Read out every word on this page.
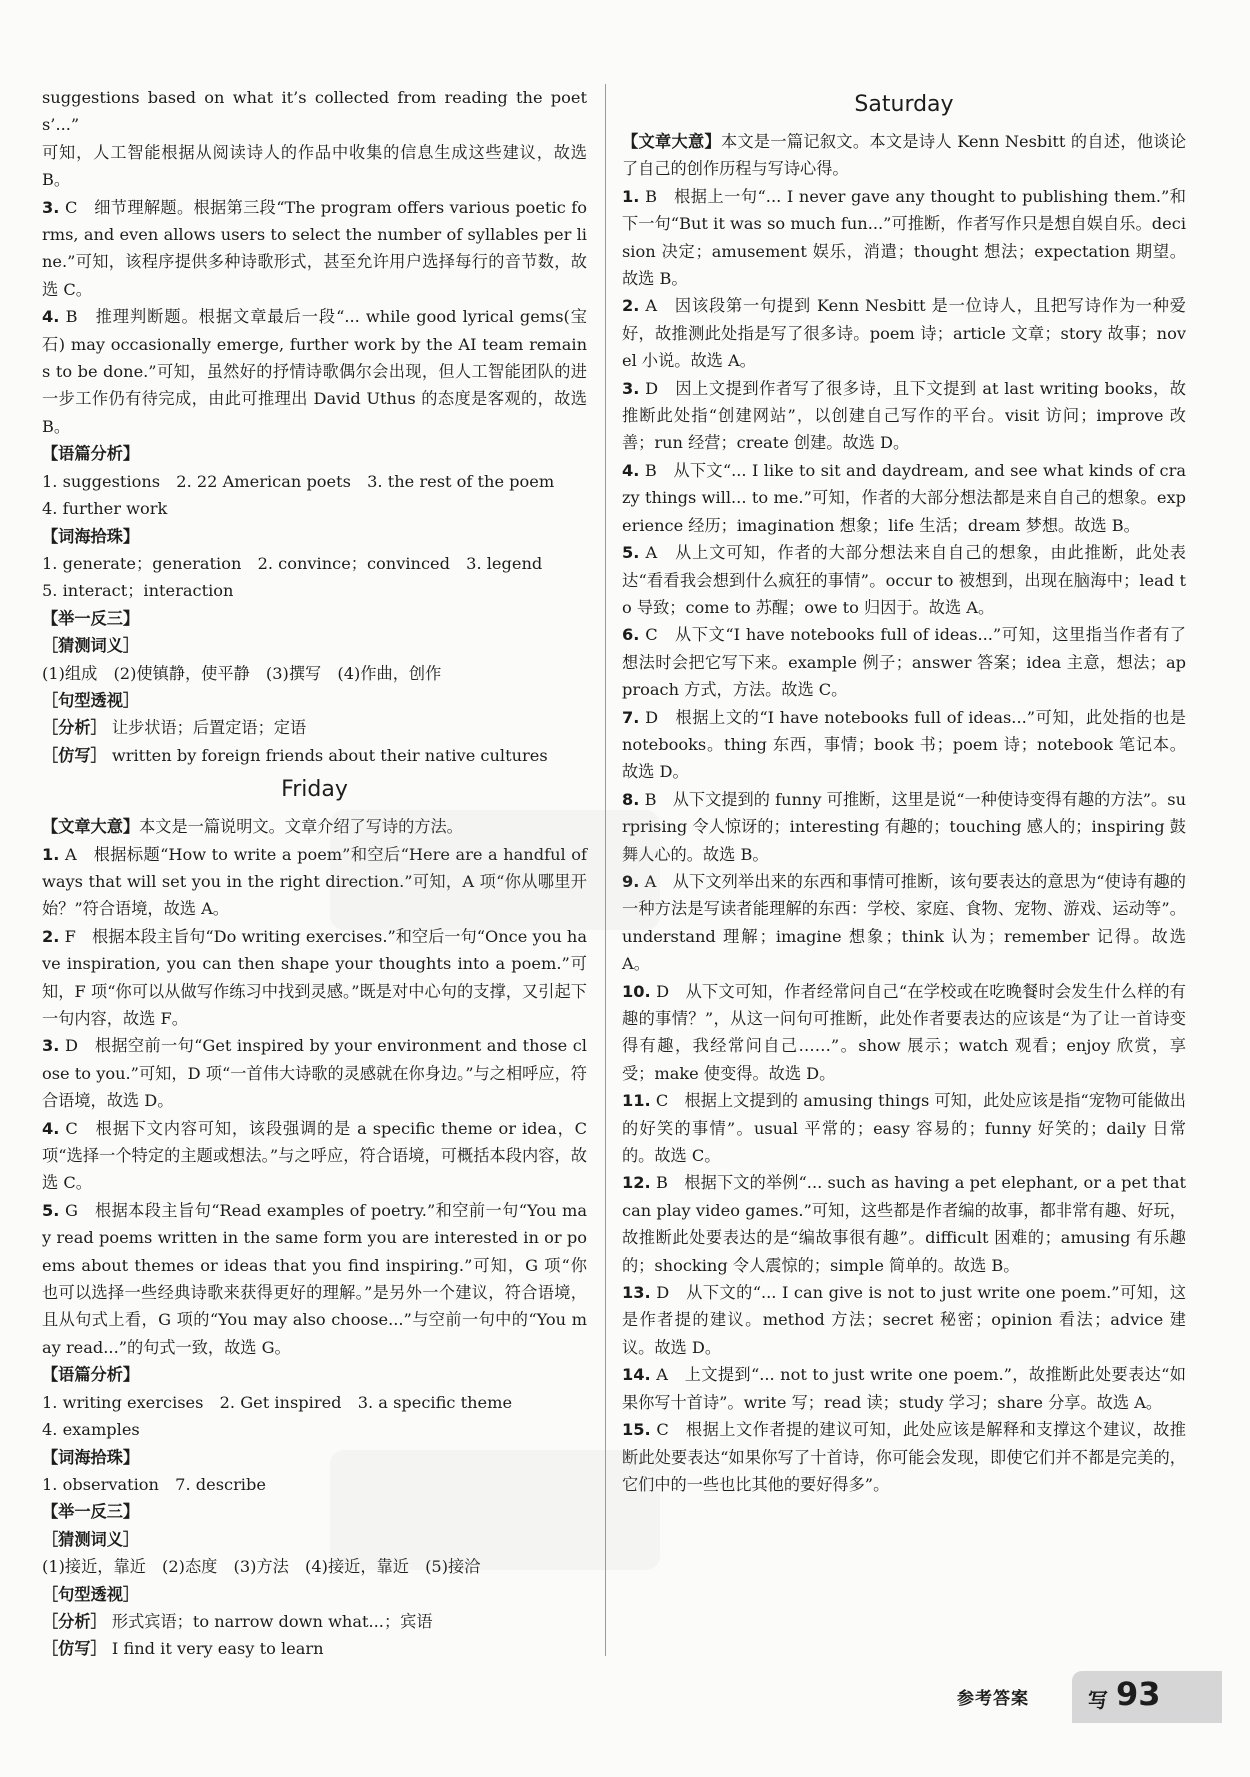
suggestions based on what it’s collected from reading the poets’...”

可知，人工智能根据从阅读诗人的作品中收集的信息生成这些建议，故选 B。

3. C　细节理解题。根据第三段“The program offers various poetic forms, and even allows users to select the number of syllables per line.”可知，该程序提供多种诗歌形式，甚至允许用户选择每行的音节数，故选 C。

4. B　推理判断题。根据文章最后一段“... while good lyrical gems(宝石) may occasionally emerge, further work by the AI team remains to be done.”可知，虽然好的抒情诗歌偶尔会出现，但人工智能团队的进一步工作仍有待完成，由此可推理出 David Uthus 的态度是客观的，故选 B。

【语篇分析】

1. suggestions　2. 22 American poets　3. the rest of the poem

4. further work

【词海拾珠】

1. generate；generation　2. convince；convinced　3. legend

5. interact；interaction

【举一反三】

［猜测词义］

(1)组成　(2)使镇静，使平静　(3)撰写　(4)作曲，创作

［句型透视］

［分析］ 让步状语；后置定语；定语

［仿写］ written by foreign friends about their native cultures

Friday

【文章大意】本文是一篇说明文。文章介绍了写诗的方法。

1. A　根据标题“How to write a poem”和空后“Here are a handful of ways that will set you in the right direction.”可知，A 项“你从哪里开始？”符合语境，故选 A。

2. F　根据本段主旨句“Do writing exercises.”和空后一句“Once you have inspiration, you can then shape your thoughts into a poem.”可知，F 项“你可以从做写作练习中找到灵感。”既是对中心句的支撑，又引起下一句内容，故选 F。

3. D　根据空前一句“Get inspired by your environment and those close to you.”可知，D 项“一首伟大诗歌的灵感就在你身边。”与之相呼应，符合语境，故选 D。

4. C　根据下文内容可知，该段强调的是 a specific theme or idea，C 项“选择一个特定的主题或想法。”与之呼应，符合语境，可概括本段内容，故选 C。

5. G　根据本段主旨句“Read examples of poetry.”和空前一句“You may read poems written in the same form you are interested in or poems about themes or ideas that you find inspiring.”可知，G 项“你也可以选择一些经典诗歌来获得更好的理解。”是另外一个建议，符合语境，且从句式上看，G 项的“You may also choose...”与空前一句中的“You may read...”的句式一致，故选 G。

【语篇分析】

1. writing exercises　2. Get inspired　3. a specific theme

4. examples

【词海拾珠】

1. observation　7. describe

【举一反三】

［猜测词义］

(1)接近，靠近　(2)态度　(3)方法　(4)接近，靠近　(5)接洽

［句型透视］

［分析］ 形式宾语；to narrow down what...；宾语

［仿写］ I find it very easy to learn

Saturday

【文章大意】本文是一篇记叙文。本文是诗人 Kenn Nesbitt 的自述，他谈论了自己的创作历程与写诗心得。

1. B　根据上一句“... I never gave any thought to publishing them.”和下一句“But it was so much fun...”可推断，作者写作只是想自娱自乐。decision 决定；amusement 娱乐，消遣；thought 想法；expectation 期望。故选 B。

2. A　因该段第一句提到 Kenn Nesbitt 是一位诗人，且把写诗作为一种爱好，故推测此处指是写了很多诗。poem 诗；article 文章；story 故事；novel 小说。故选 A。

3. D　因上文提到作者写了很多诗，且下文提到 at last writing books，故推断此处指“创建网站”，以创建自己写作的平台。visit 访问；improve 改善；run 经营；create 创建。故选 D。

4. B　从下文“... I like to sit and daydream, and see what kinds of crazy things will... to me.”可知，作者的大部分想法都是来自自己的想象。experience 经历；imagination 想象；life 生活；dream 梦想。故选 B。

5. A　从上文可知，作者的大部分想法来自自己的想象，由此推断，此处表达“看看我会想到什么疯狂的事情”。occur to 被想到，出现在脑海中；lead to 导致；come to 苏醒；owe to 归因于。故选 A。

6. C　从下文“I have notebooks full of ideas...”可知，这里指当作者有了想法时会把它写下来。example 例子；answer 答案；idea 主意，想法；approach 方式，方法。故选 C。

7. D　根据上文的“I have notebooks full of ideas...”可知，此处指的也是 notebooks。thing 东西，事情；book 书；poem 诗；notebook 笔记本。故选 D。

8. B　从下文提到的 funny 可推断，这里是说“一种使诗变得有趣的方法”。surprising 令人惊讶的；interesting 有趣的；touching 感人的；inspiring 鼓舞人心的。故选 B。

9. A　从下文列举出来的东西和事情可推断，该句要表达的意思为“使诗有趣的一种方法是写读者能理解的东西：学校、家庭、食物、宠物、游戏、运动等”。understand 理解；imagine 想象；think 认为；remember 记得。故选 A。

10. D　从下文可知，作者经常问自己“在学校或在吃晚餐时会发生什么样的有趣的事情？”，从这一问句可推断，此处作者要表达的应该是“为了让一首诗变得有趣，我经常问自己……”。show 展示；watch 观看；enjoy 欣赏，享受；make 使变得。故选 D。

11. C　根据上文提到的 amusing things 可知，此处应该是指“宠物可能做出的好笑的事情”。usual 平常的；easy 容易的；funny 好笑的；daily 日常的。故选 C。

12. B　根据下文的举例“... such as having a pet elephant, or a pet that can play video games.”可知，这些都是作者编的故事，都非常有趣、好玩，故推断此处要表达的是“编故事很有趣”。difficult 困难的；amusing 有乐趣的；shocking 令人震惊的；simple 简单的。故选 B。

13. D　从下文的“... I can give is not to just write one poem.”可知，这是作者提的建议。method 方法；secret 秘密；opinion 看法；advice 建议。故选 D。

14. A　上文提到“... not to just write one poem.”，故推断此处要表达“如果你写十首诗”。write 写；read 读；study 学习；share 分享。故选 A。

15. C　根据上文作者提的建议可知，此处应该是解释和支撑这个建议，故推断此处要表达“如果你写了十首诗，你可能会发现，即使它们并不都是完美的，它们中的一些也比其他的要好得多”。

参考答案	写 93
